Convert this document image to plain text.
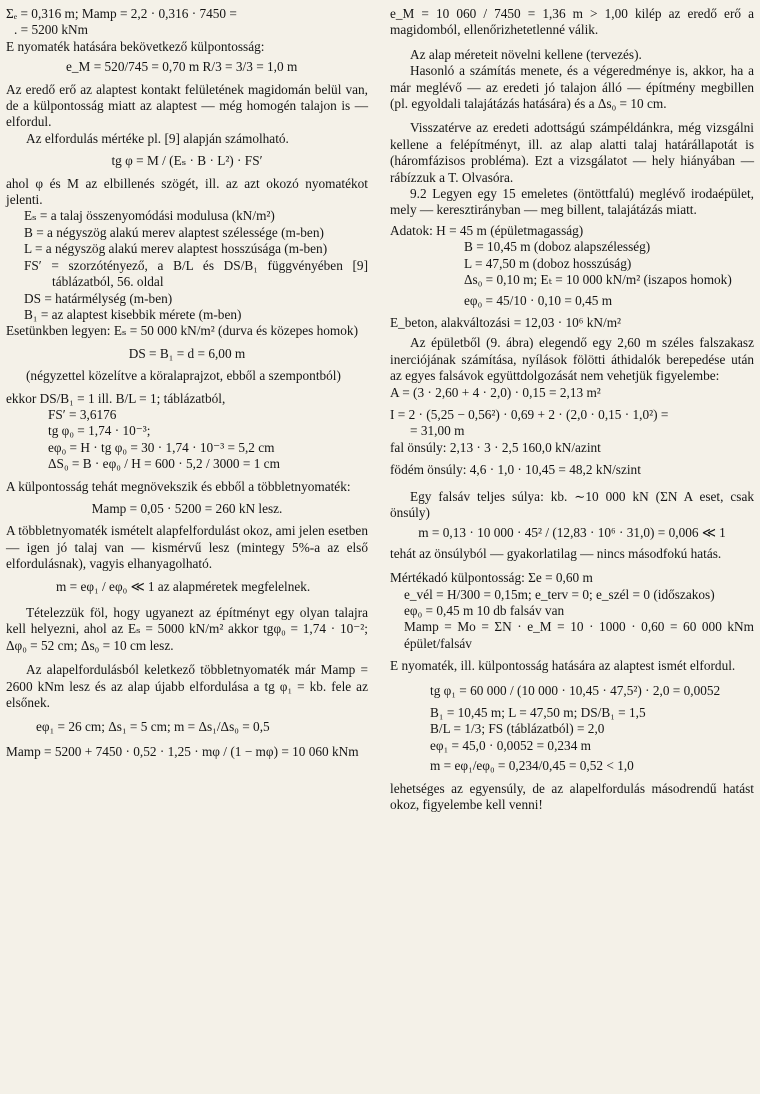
Σₑ = 0,316 m; Mamp = 2,2 · 0,316 · 7450 =

. = 5200 kNm

E nyomaték hatására bekövetkező külpontosság:

e_M = 520/745 = 0,70 m R/3 = 3/3 = 1,0 m

Az eredő erő az alaptest kontakt felületének magidomán belül van, de a külpontosság miatt az alaptest — még homogén talajon is — elfordul.

Az elfordulás mértéke pl. [9] alapján számolható.

tg φ = M / (Eₛ · B · L²) · FS′

ahol φ és M az elbillenés szögét, ill. az azt okozó nyomatékot jelenti.

Eₛ = a talaj összenyomódási modulusa (kN/m²)

B = a négyszög alakú merev alaptest szélessége (m-ben)

L = a négyszög alakú merev alaptest hosszúsága (m-ben)

FS′ = szorzótényező, a B/L és DS/B₁ függvényében [9] táblázatból, 56. oldal

DS = határmélység (m-ben)

B₁ = az alaptest kisebbik mérete (m-ben)

Esetünkben legyen: Eₛ = 50 000 kN/m² (durva és közepes homok)

DS = B₁ = d = 6,00 m

(négyzettel közelítve a köralaprajzot, ebből a szempontból)

ekkor DS/B₁ = 1 ill. B/L = 1; táblázatból,

FS′ = 3,6176

tg φ₀ = 1,74 · 10⁻³;

eφ₀ = H · tg φ₀ = 30 · 1,74 · 10⁻³ = 5,2 cm

ΔS₀ = B · eφ₀ / H = 600 · 5,2 / 3000 = 1 cm

A külpontosság tehát megnövekszik és ebből a többletnyomaték:

Mamp = 0,05 · 5200 = 260 kN lesz.

A többletnyomaték ismételt alapfelfordulást okoz, ami jelen esetben — igen jó talaj van — kismérvű lesz (mintegy 5%-a az első elfordulásnak), vagyis elhanyagolható.

m = eφ₁ / eφ₀ ≪ 1 az alapméretek megfelelnek.

Tételezzük föl, hogy ugyanezt az építményt egy olyan talajra kell helyezni, ahol az Eₛ = 5000 kN/m² akkor tgφ₀ = 1,74 · 10⁻²; Δφ₀ = 52 cm; Δs₀ = 10 cm lesz.

Az alapelfordulásból keletkező többletnyomaték már Mamp = 2600 kNm lesz és az alap újabb elfordulása a tg φ₁ = kb. fele az elsőnek.

eφ₁ = 26 cm; Δs₁ = 5 cm; m = Δs₁/Δs₀ = 0,5

Mamp = 5200 + 7450 · 0,52 · 1,25 · mφ / (1 − mφ) = 10 060 kNm

e_M = 10 060 / 7450 = 1,36 m > 1,00 kilép az eredő erő a magidomból, ellenőrizhetetlenné válik.

Az alap méreteit növelni kellene (tervezés).

Hasonló a számítás menete, és a végeredménye is, akkor, ha a már meglévő — az eredeti jó talajon álló — építmény megbillen (pl. egyoldali talajátázás hatására) és a Δs₀ = 10 cm.

Visszatérve az eredeti adottságú számpéldánkra, még vizsgálni kellene a felépítményt, ill. az alap alatti talaj határállapotát is (háromfázisos probléma). Ezt a vizsgálatot — hely hiányában — rábízzuk a T. Olvasóra.

9.2 Legyen egy 15 emeletes (öntöttfalú) meglévő irodaépület, mely — keresztirányban — meg billent, talajátázás miatt.

Adatok: H = 45 m (épületmagasság)

B = 10,45 m (doboz alapszélesség)

L = 47,50 m (doboz hosszúság)

Δs₀ = 0,10 m; Eₜ = 10 000 kN/m² (iszapos homok)

eφ₀ = 45/10 · 0,10 = 0,45 m

E_beton, alakváltozási = 12,03 · 10⁶ kN/m²

Az épületből (9. ábra) elegendő egy 2,60 m széles falszakasz inerciójának számítása, nyílások fölötti áthidalók berepedése után az egyes falsávok együttdolgozását nem vehetjük figyelembe:

A = (3 · 2,60 + 4 · 2,0) · 0,15 = 2,13 m²

I = 2 · (5,25 − 0,56²) · 0,69 + 2 · (2,0 · 0,15 · 1,0²) =

= 31,00 m

fal önsúly: 2,13 · 3 · 2,5 160,0 kN/azint

födém önsúly: 4,6 · 1,0 · 10,45 = 48,2 kN/szint

Egy falsáv teljes súlya: kb. ∼10 000 kN (ΣN A eset, csak önsúly)

m = 0,13 · 10 000 · 45² / (12,83 · 10⁶ · 31,0) = 0,006 ≪ 1

tehát az önsúlyból — gyakorlatilag — nincs másodfokú hatás.

Mértékadó külpontosság: Σe = 0,60 m

e_vél = H/300 = 0,15m; e_terv = 0; e_szél = 0 (időszakos)

eφ₀ = 0,45 m 10 db falsáv van

Mamp = Mo = ΣN · e_M = 10 · 1000 · 0,60 = 60 000 kNm épület/falsáv

E nyomaték, ill. külpontosság hatására az alaptest ismét elfordul.

tg φ₁ = 60 000 / (10 000 · 10,45 · 47,5²) · 2,0 = 0,0052

B₁ = 10,45 m; L = 47,50 m; DS/B₁ = 1,5

B/L = 1/3; FS (táblázatból) = 2,0

eφ₁ = 45,0 · 0,0052 = 0,234 m

m = eφ₁/eφ₀ = 0,234/0,45 = 0,52 < 1,0

lehetséges az egyensúly, de az alapelfordulás másodrendű hatást okoz, figyelembe kell venni!
